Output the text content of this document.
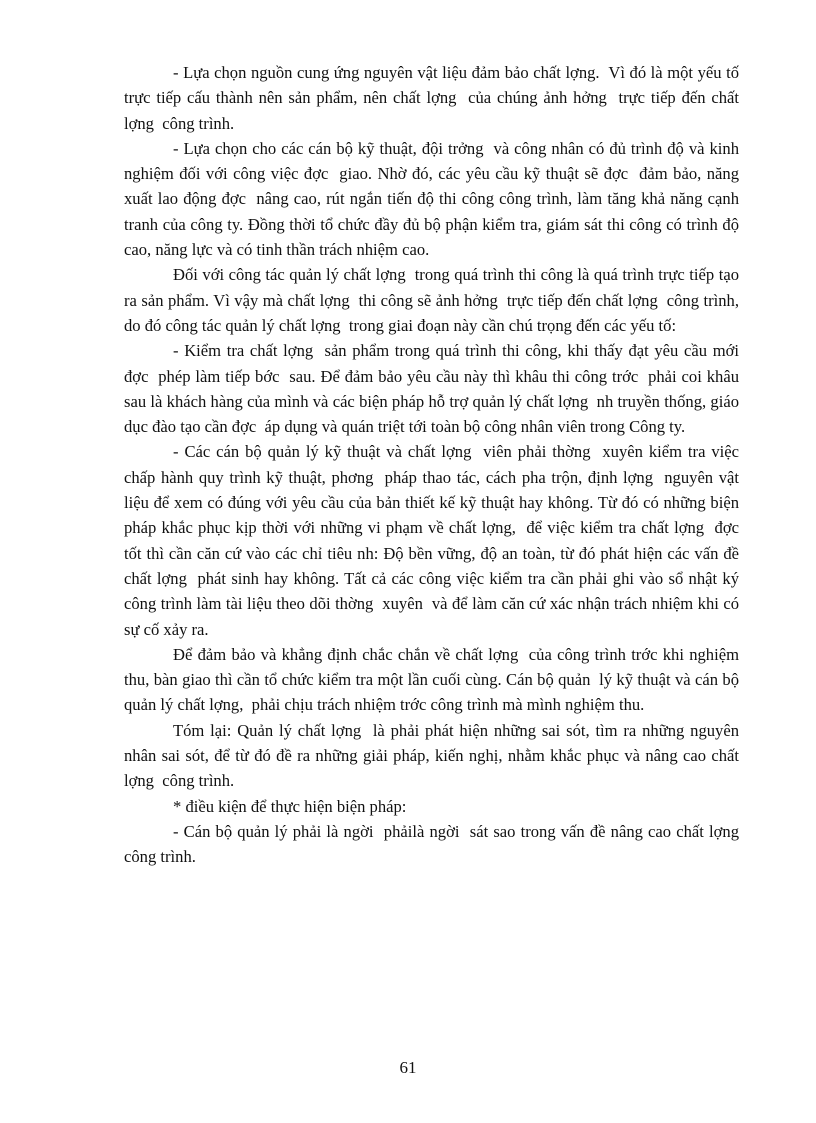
- Lựa chọn nguồn cung ứng nguyên vật liệu đảm bảo chất lợng.  Vì đó là một yếu tố trực tiếp cấu thành nên sản phẩm, nên chất lợng  của chúng ảnh hởng  trực tiếp đến chất lợng  công trình.

- Lựa chọn cho các cán bộ kỹ thuật, đội trởng  và công nhân có đủ trình độ và kinh nghiệm đối với công việc đợc  giao. Nhờ đó, các yêu cầu kỹ thuật sẽ đợc  đảm bảo, năng xuất lao động đợc  nâng cao, rút ngắn tiến độ thi công công trình, làm tăng khả năng cạnh tranh của công ty. Đồng thời tổ chức đầy đủ bộ phận kiểm tra, giám sát thi công có trình độ cao, năng lực và có tinh thần trách nhiệm cao.

Đối với công tác quản lý chất lợng  trong quá trình thi công là quá trình trực tiếp tạo ra sản phẩm. Vì vậy mà chất lợng  thi công sẽ ảnh hởng  trực tiếp đến chất lợng  công trình, do đó công tác quản lý chất lợng  trong giai đoạn này cần chú trọng đến các yếu tố:

- Kiểm tra chất lợng  sản phẩm trong quá trình thi công, khi thấy đạt yêu cầu mới đợc  phép làm tiếp bớc  sau. Để đảm bảo yêu cầu này thì khâu thi công trớc  phải coi khâu sau là khách hàng của mình và các biện pháp hỗ trợ quản lý chất lợng  nh truyền thống, giáo dục đào tạo cần đợc  áp dụng và quán triệt tới toàn bộ công nhân viên trong Công ty.

- Các cán bộ quản lý kỹ thuật và chất lợng  viên phải thờng  xuyên kiểm tra việc chấp hành quy trình kỹ thuật, phơng  pháp thao tác, cách pha trộn, định lợng  nguyên vật liệu để xem có đúng với yêu cầu của bản thiết kế kỹ thuật hay không. Từ đó có những biện pháp khắc phục kịp thời với những vi phạm về chất lợng,  để việc kiểm tra chất lợng  đợc  tốt thì cần căn cứ vào các chỉ tiêu nh: Độ bền vững, độ an toàn, từ đó phát hiện các vấn đề chất lợng  phát sinh hay không. Tất cả các công việc kiểm tra cần phải ghi vào sổ nhật ký công trình làm tài liệu theo dõi thờng  xuyên  và để làm căn cứ xác nhận trách nhiệm khi có sự cố xảy ra.

Để đảm bảo và khẳng định chắc chắn về chất lợng  của công trình trớc khi nghiệm thu, bàn giao thì cần tổ chức kiểm tra một lần cuối cùng. Cán bộ quản  lý kỹ thuật và cán bộ quản lý chất lợng,  phải chịu trách nhiệm trớc công trình mà mình nghiệm thu.

Tóm lại: Quản lý chất lợng  là phải phát hiện những sai sót, tìm ra những nguyên nhân sai sót, để từ đó đề ra những giải pháp, kiến nghị, nhằm khắc phục và nâng cao chất lợng  công trình.

* điều kiện để thực hiện biện pháp:

- Cán bộ quản lý phải là ngời  phảilà ngời  sát sao trong vấn đề nâng cao chất lợng  công trình.

61
